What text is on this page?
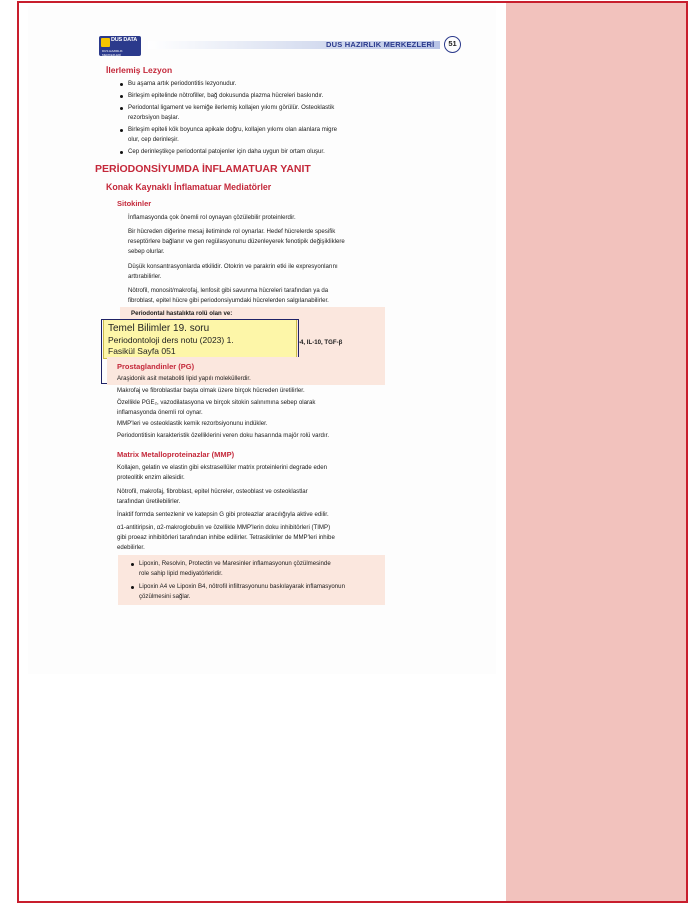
DUS DATA
DUS HAZIRLIK MERKEZLERİ
DUS HAZIRLIK MERKEZLERİ	51
İlerlemiş Lezyon
Bu aşama artık periodontitis lezyonudur.
Birleşim epitelinde nötrofiller, bağ dokusunda plazma hücreleri baskındır.
Periodontal ligament ve kemiğe ilerlemiş kollajen yıkımı görülür. Osteoklastik
rezorbsiyon başlar.
Birleşim epiteli kök boyunca apikale doğru, kollajen yıkımı olan alanlara migre
olur, cep derinleşir.
Cep derinleştikçe periodontal patojenler için daha uygun bir ortam oluşur.
PERİODONSİYUMDA İNFLAMATUAR YANIT
Konak Kaynaklı İnflamatuar Mediatörler
Sitokinler
İnflamasyonda çok önemli rol oynayan çözülebilir proteinlerdir.
Bir hücreden diğerine mesaj iletiminde rol oynarlar. Hedef hücrelerde spesifik
reseptörlere bağlanır ve gen regülasyonunu düzenleyerek fenotipik değişikliklere
sebep olurlar.
Düşük konsantrasyonlarda etkilidir. Otokrin ve parakrin etki ile expresyonlarını
arttırabilirler.
Nötrofil, monosit/makrofaj, lenfosit gibi savunma hücreleri tarafından ya da
fibroblast, epitel hücre gibi periodonsiyumdaki hücrelerden salgılanabilirler.
Periodontal hastalıkta rolü olan ve:
-4, IL-10, TGF-β
Temel Bilimler 19. soru
Periodontoloji ders notu (2023) 1.
Fasikül Sayfa 051
Prostaglandinler (PG)
Araşidonik asit metaboliti lipid yapılı moleküllerdir.
Makrofaj ve fibroblastlar başta olmak üzere birçok hücreden üretilirler.
Özellikle PGE₂, vazodilatasyona ve birçok sitokin salınımına sebep olarak
inflamasyonda önemli rol oynar.
MMP'leri ve osteoklastik kemik rezorbsiyonunu indükler.
Periodontitisin karakteristik özelliklerini veren doku hasarında majör rolü vardır.
Matrix Metalloproteinazlar (MMP)
Kollajen, gelatin ve elastin gibi ekstrasellüler matrix proteinlerini degrade eden
proteolitik enzim ailesidir.
Nötrofil, makrofaj, fibroblast, epitel hücreler, osteoblast ve osteoklastlar
tarafından üretilebilirler.
İnaktif formda sentezlenir ve katepsin G gibi proteazlar aracılığıyla aktive edilir.
α1-antitiripsin, α2-makroglobulin ve özellikle MMP'lerin doku inhibitörleri (TIMP)
gibi proeaz inhibitörleri tarafından inhibe edilirler. Tetrasiklinler de MMP'leri inhibe
edebilirler.
Lipoxin, Resolvin, Protectin ve Maresinler inflamasyonun çözülmesinde
role sahip lipid mediyatörleridir.
Lipoxin A4 ve Lipoxin B4, nötrofil infiltrasyonunu baskılayarak inflamasyonun
çözülmesini sağlar.
